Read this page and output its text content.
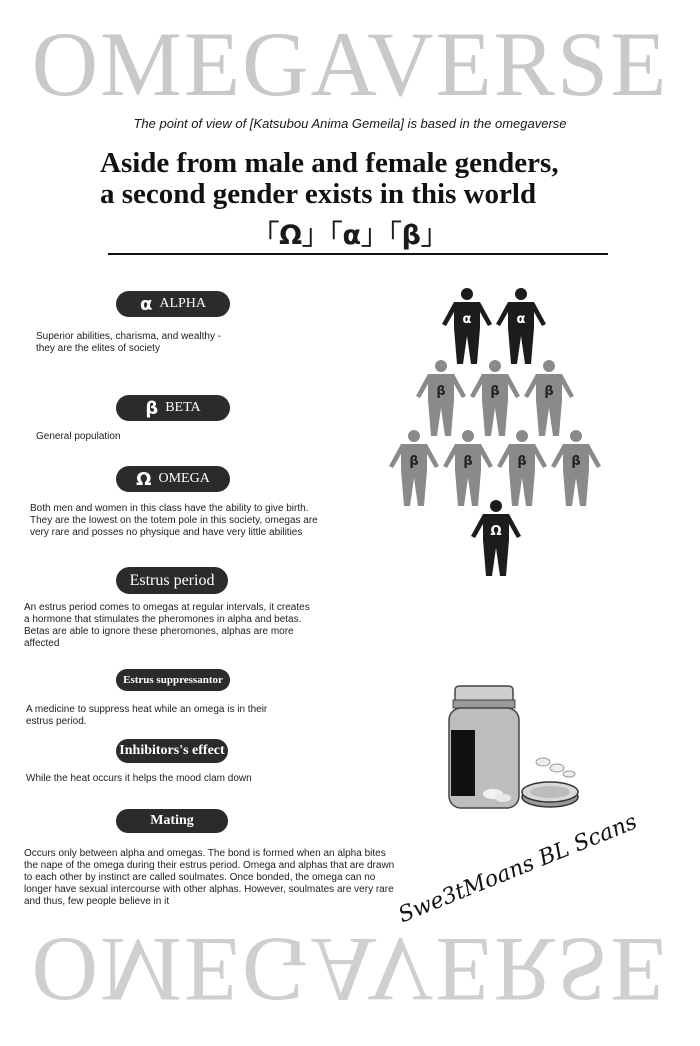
OMEGAVERSE
The point of view of [Katsubou Anima Gemeila] is based in the omegaverse
Aside from male and female genders,
a second gender exists in this world
「Ω」「α」「β」
α ALPHA
Superior abilities, charisma, and wealthy -
they are the elites of society
β BETA
General population
Ω OMEGA
Both men and women in this class have the ability to give birth.
They are the lowest on the totem pole in this society, omegas are
very rare and posses no physique and have very little abilities
Estrus period
An estrus period comes to omegas at regular intervals, it creates
a hormone that stimulates the pheromones in alpha and betas.
Betas are able to ignore these pheromones, alphas are more
affected
Estrus suppressantor
A medicine to suppress heat while an omega is in their
estrus period.
Inhibitors's effect
While the heat occurs it helps the mood clam down
Mating
Occurs only between alpha and omegas. The bond is formed when an alpha bites
the nape of the omega during their estrus period. Omega and alphas that are drawn
to each other by instinct are called soulmates. Once bonded, the omega can no
longer have sexual intercourse with other alphas. However, soulmates are very rare
and thus, few people believe in it
α	α
β	β	β
β	β	β	β
Ω
OMEGAVERSE
Swe3tMoans BL Scans
